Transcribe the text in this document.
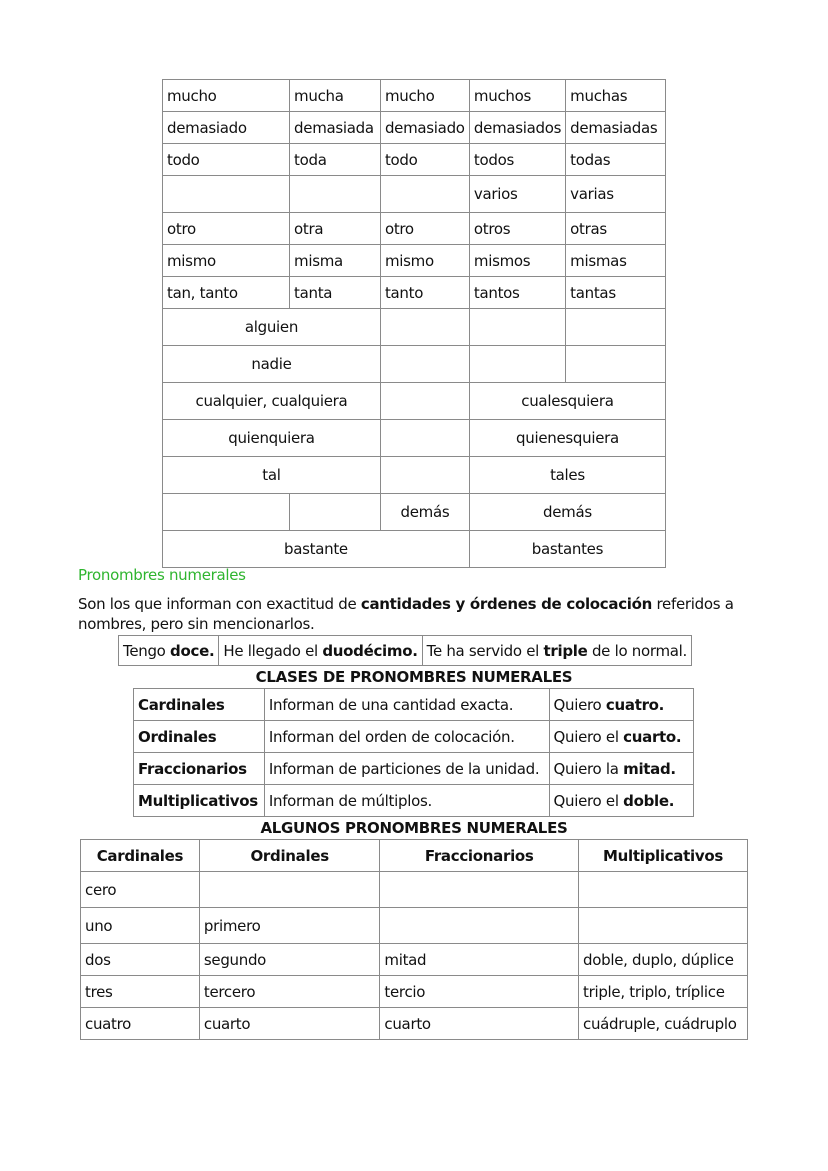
mucho	mucha	mucho	muchos	muchas
demasiado	demasiada	demasiado	demasiados	demasiadas
todo	toda	todo	todos	todas
			varios	varias
otro	otra	otro	otros	otras
mismo	misma	mismo	mismos	mismas
tan, tanto	tanta	tanto	tantos	tantas
alguien				
nadie				
cualquier, cualquiera			cualesquiera	
quienquiera			quienesquiera	
tal			tales	
		demás	demás	
bastante			bastantes	
Pronombres numerales
Son los que informan con exactitud de cantidades y órdenes de colocación referidos a nombres, pero sin mencionarlos.
Tengo doce.	He llegado el duodécimo.	Te ha servido el triple de lo normal.
CLASES DE PRONOMBRES NUMERALES
Cardinales	Informan de una cantidad exacta.	Quiero cuatro.
Ordinales	Informan del orden de colocación.	Quiero el cuarto.
Fraccionarios	Informan de particiones de la unidad.	Quiero la mitad.
Multiplicativos	Informan de múltiplos.	Quiero el doble.
ALGUNOS PRONOMBRES NUMERALES
Cardinales	Ordinales	Fraccionarios	Multiplicativos
cero			
uno	primero		
dos	segundo	mitad	doble, duplo, dúplice
tres	tercero	tercio	triple, triplo, tríplice
cuatro	cuarto	cuarto	cuádruple, cuádruplo
